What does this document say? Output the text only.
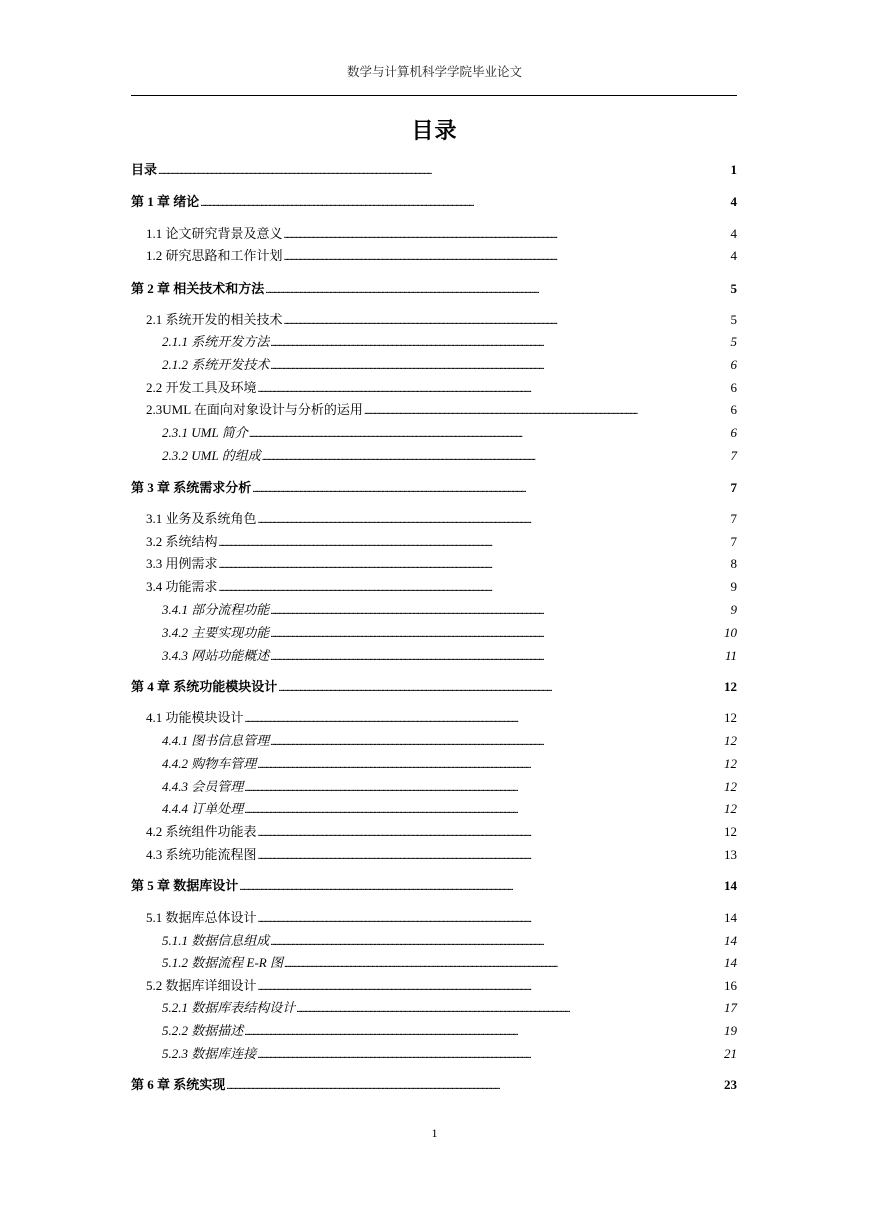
数学与计算机科学学院毕业论文
目录
目录 . . .	1
第 1 章 绪论 . . .	4
1.1 论文研究背景及意义 . . .	4
1.2 研究思路和工作计划 . . .	4
第 2 章 相关技术和方法 . . .	5
2.1 系统开发的相关技术 . . .	5
2.1.1 系统开发方法 . . .	5
2.1.2 系统开发技术 . . .	6
2.2 开发工具及环境 . . .	6
2.3UML 在面向对象设计与分析的运用 . . .	6
2.3.1 UML 简介 . . .	6
2.3.2 UML 的组成 . . .	7
第 3 章 系统需求分析 . . .	7
3.1 业务及系统角色 . . .	7
3.2 系统结构 . . .	7
3.3 用例需求 . . .	8
3.4 功能需求 . . .	9
3.4.1 部分流程功能 . . .	9
3.4.2 主要实现功能 . . .	10
3.4.3 网站功能概述 . . .	11
第 4 章 系统功能模块设计 . . .	12
4.1 功能模块设计 . . .	12
4.4.1 图书信息管理 . . .	12
4.4.2 购物车管理 . . .	12
4.4.3 会员管理 . . .	12
4.4.4 订单处理 . . .	12
4.2 系统组件功能表 . . .	12
4.3 系统功能流程图 . . .	13
第 5 章 数据库设计 . . .	14
5.1 数据库总体设计 . . .	14
5.1.1 数据信息组成 . . .	14
5.1.2 数据流程 E-R 图 . . .	14
5.2 数据库详细设计 . . .	16
5.2.1 数据库表结构设计 . . .	17
5.2.2 数据描述 . . .	19
5.2.3 数据库连接 . . .	21
第 6 章 系统实现 . . .	23
1
